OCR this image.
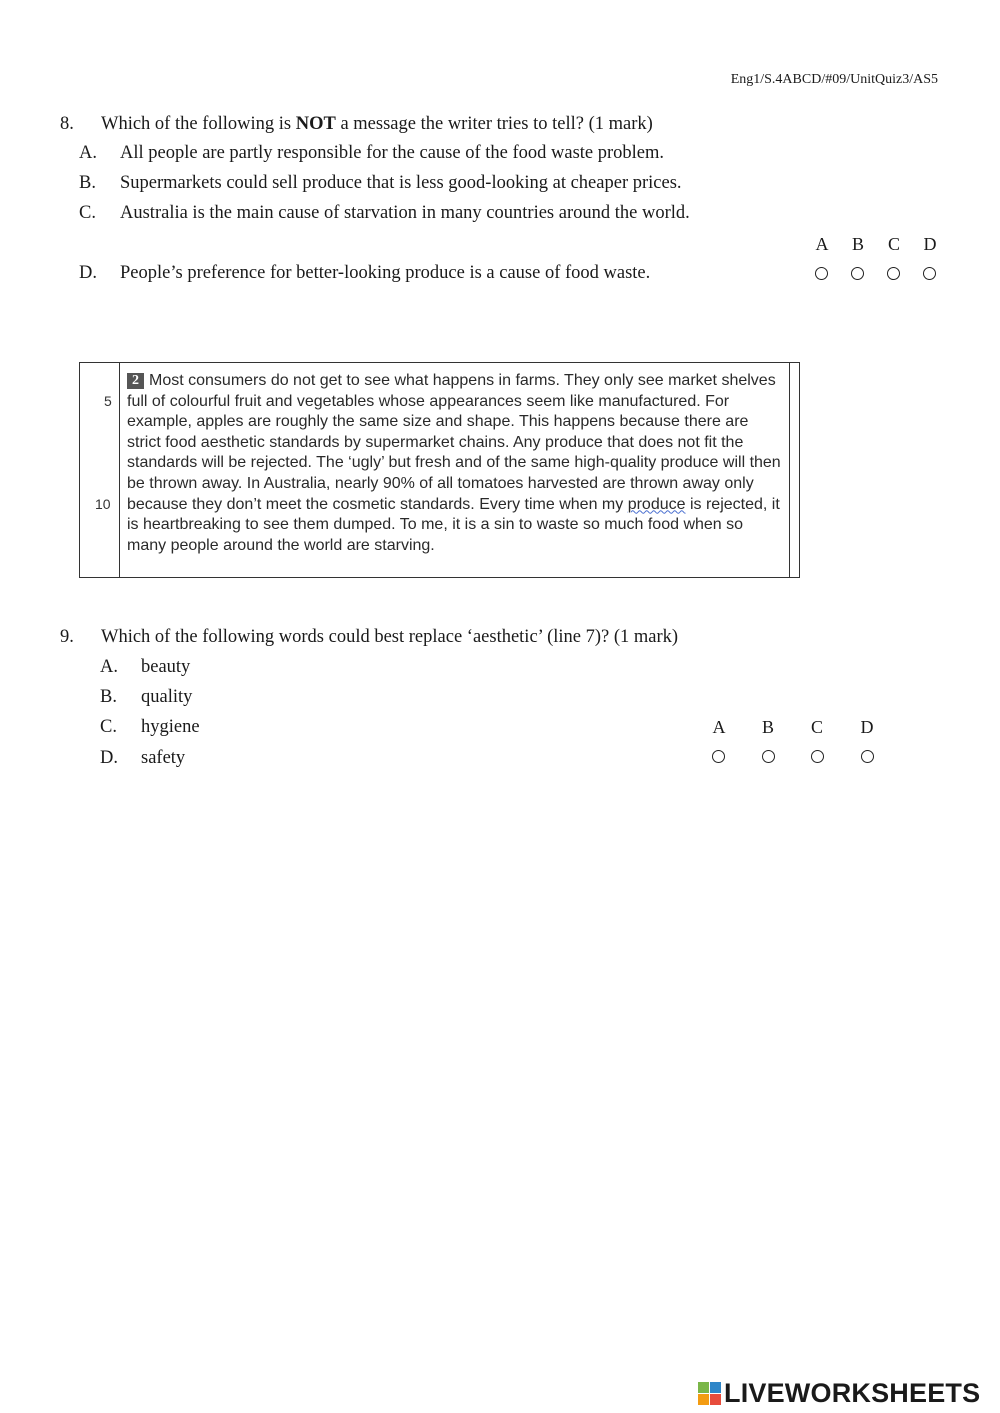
Eng1/S.4ABCD/#09/UnitQuiz3/AS5
8. Which of the following is NOT a message the writer tries to tell? (1 mark)
A. All people are partly responsible for the cause of the food waste problem.
B. Supermarkets could sell produce that is less good-looking at cheaper prices.
C. Australia is the main cause of starvation in many countries around the world.
D. People’s preference for better-looking produce is a cause of food waste.
A B C D
5
10
2 Most consumers do not get to see what happens in farms. They only see market shelves full of colourful fruit and vegetables whose appearances seem like manufactured. For example, apples are roughly the same size and shape. This happens because there are strict food aesthetic standards by supermarket chains. Any produce that does not fit the standards will be rejected. The ‘ugly’ but fresh and of the same high-quality produce will then be thrown away. In Australia, nearly 90% of all tomatoes harvested are thrown away only because they don’t meet the cosmetic standards. Every time when my produce is rejected, it is heartbreaking to see them dumped. To me, it is a sin to waste so much food when so many people around the world are starving.
9. Which of the following words could best replace ‘aesthetic’ (line 7)? (1 mark)
A. beauty
B. quality
C. hygiene
D. safety
A B C D
LIVEWORKSHEETS
